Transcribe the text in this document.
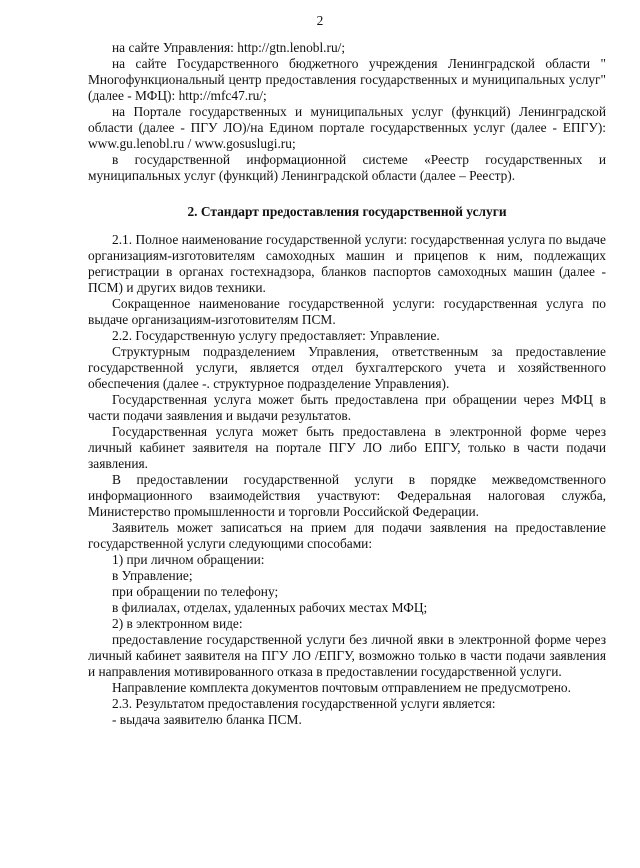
2

на сайте Управления: http://gtn.lenobl.ru/;

на сайте Государственного бюджетного учреждения Ленинградской области " Многофункциональный центр предоставления государственных и муниципальных услуг" (далее - МФЦ): http://mfc47.ru/;

на Портале государственных и муниципальных услуг (функций) Ленинградской области (далее - ПГУ ЛО)/на Едином портале государственных услуг (далее - ЕПГУ): www.gu.lenobl.ru / www.gosuslugi.ru;

в государственной информационной системе «Реестр государственных и муниципальных услуг (функций) Ленинградской области (далее – Реестр).

2. Стандарт предоставления государственной услуги

2.1. Полное наименование государственной услуги: государственная услуга по выдаче организациям-изготовителям самоходных машин и прицепов к ним, подлежащих регистрации в органах гостехнадзора, бланков паспортов самоходных машин (далее - ПСМ) и других видов техники.

Сокращенное наименование государственной услуги: государственная услуга по выдаче организациям-изготовителям ПСМ.

2.2. Государственную услугу предоставляет: Управление.

Структурным подразделением Управления, ответственным за предоставление государственной услуги, является отдел бухгалтерского учета и хозяйственного обеспечения (далее -. структурное подразделение Управления).

Государственная услуга может быть предоставлена при обращении через МФЦ в части подачи заявления и выдачи результатов.

Государственная услуга может быть предоставлена в электронной форме через личный кабинет заявителя на портале ПГУ ЛО либо ЕПГУ, только в части подачи заявления.

В предоставлении государственной услуги в порядке межведомственного информационного взаимодействия участвуют: Федеральная налоговая служба, Министерство промышленности и торговли Российской Федерации.

Заявитель может записаться на прием для подачи заявления на предоставление государственной услуги следующими способами:

1) при личном обращении:

в Управление;

при обращении по телефону;

в филиалах, отделах, удаленных рабочих местах МФЦ;

2) в электронном виде:

предоставление государственной услуги без личной явки в электронной форме через личный кабинет заявителя на ПГУ ЛО /ЕПГУ, возможно только в части подачи заявления и направления мотивированного отказа в предоставлении государственной услуги.

Направление комплекта документов почтовым отправлением не предусмотрено.

2.3. Результатом предоставления государственной услуги является:

- выдача заявителю бланка ПСМ.
